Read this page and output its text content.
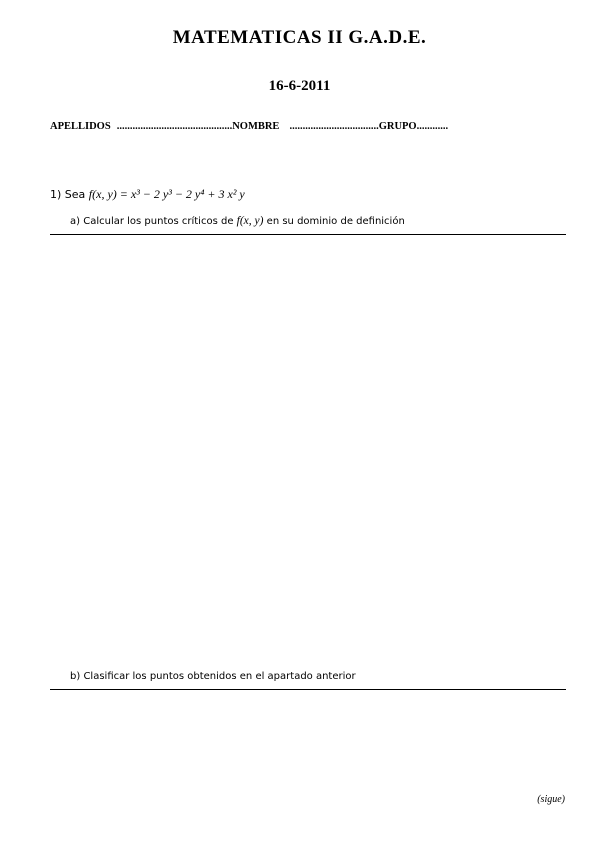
MATEMATICAS II G.A.D.E.
16-6-2011
APELLIDOS ............................................ NOMBRE .................................. GRUPO ............
1) Sea f(x, y) = x³ − 2 y³ − 2 y⁴ + 3 x² y
a) Calcular los puntos críticos de f(x, y) en su dominio de definición
b) Clasificar los puntos obtenidos en el apartado anterior
(sigue)
